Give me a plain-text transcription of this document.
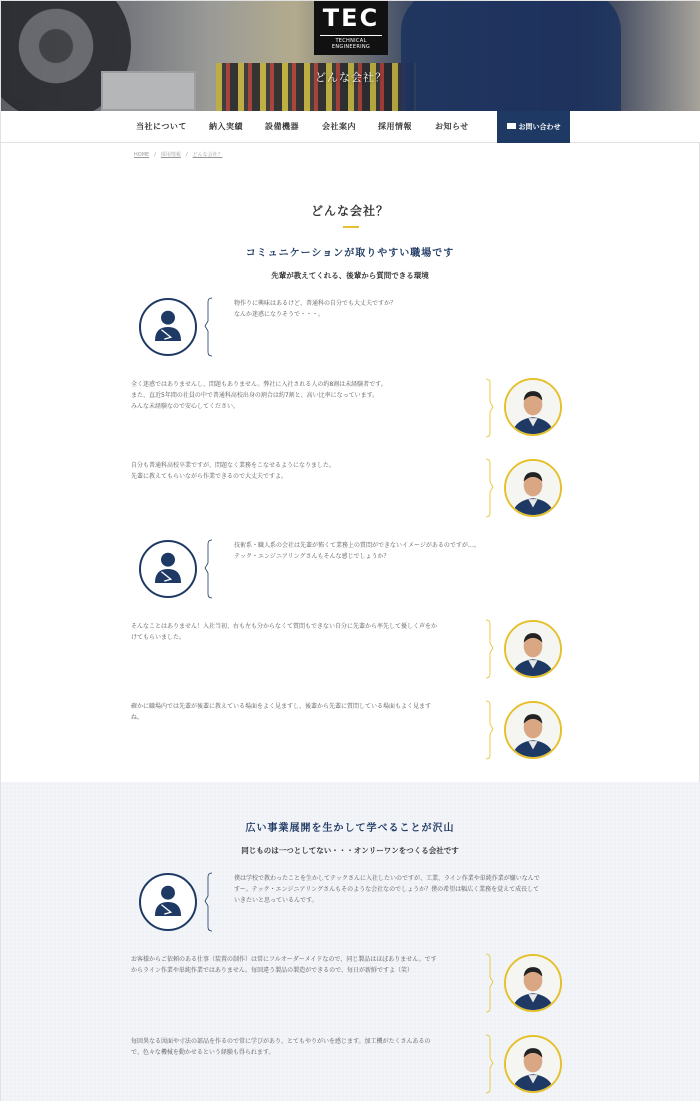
TEC
TECHNICAL ENGINEERING
どんな会社？
当社について	納入実績	設備機器	会社案内	採用情報	お知らせ	お問い合わせ
HOME / 採用情報 / どんな会社？
どんな会社？
コミュニケーションが取りやすい職場です
先輩が教えてくれる、後輩から質問できる環境
物作りに興味はあるけど、普通科の自分でも大丈夫ですか？
なんか迷惑になりそうで・・・。
全く迷惑ではありませんし、問題もありません。弊社に入社される人の約8割は未経験者です。
また、直近5年間の社員の中で普通科高校出身の割合は約7割と、高い比率になっています。
みんな未経験なので安心してください。
自分も普通科高校卒業ですが、問題なく業務をこなせるようになりました。
先輩に教えてもらいながら作業できるので大丈夫ですよ。
技術系・職人系の会社は先輩が怖くて業務上の質問ができないイメージがあるのですが…。
テック・エンジニアリングさんもそんな感じでしょうか？
そんなことはありません！入社当初、右も左も分からなくて質問もできない自分に先輩から率先して優しく声をか
けてもらいました。
確かに職場内では先輩が後輩に教えている場面をよく見ますし、後輩から先輩に質問している場面もよく見ます
ね。
広い事業展開を生かして学べることが沢山
同じものは一つとしてない・・・オンリーワンをつくる会社です
僕は学校で教わったことを生かしてテックさんに入社したいのですが、工業、ライン作業や単純作業が嫌いなんで
すー。テック・エンジニアリングさんもそのような会社なのでしょうか？僕の希望は幅広く業務を覚えて成長して
いきたいと思っているんです。
お客様からご依頼のある仕事（装置の制作）は常にフルオーダーメイドなので、同じ製品はほぼありません。です
からライン作業や単純作業ではありません。毎回違う製品の製造ができるので、毎日が新鮮ですよ（笑）
毎回異なる図面や寸法の部品を作るので常に学びがあり、とてもやりがいを感じます。加工機がたくさんあるの
で、色々な機械を動かせるという経験も得られます。
